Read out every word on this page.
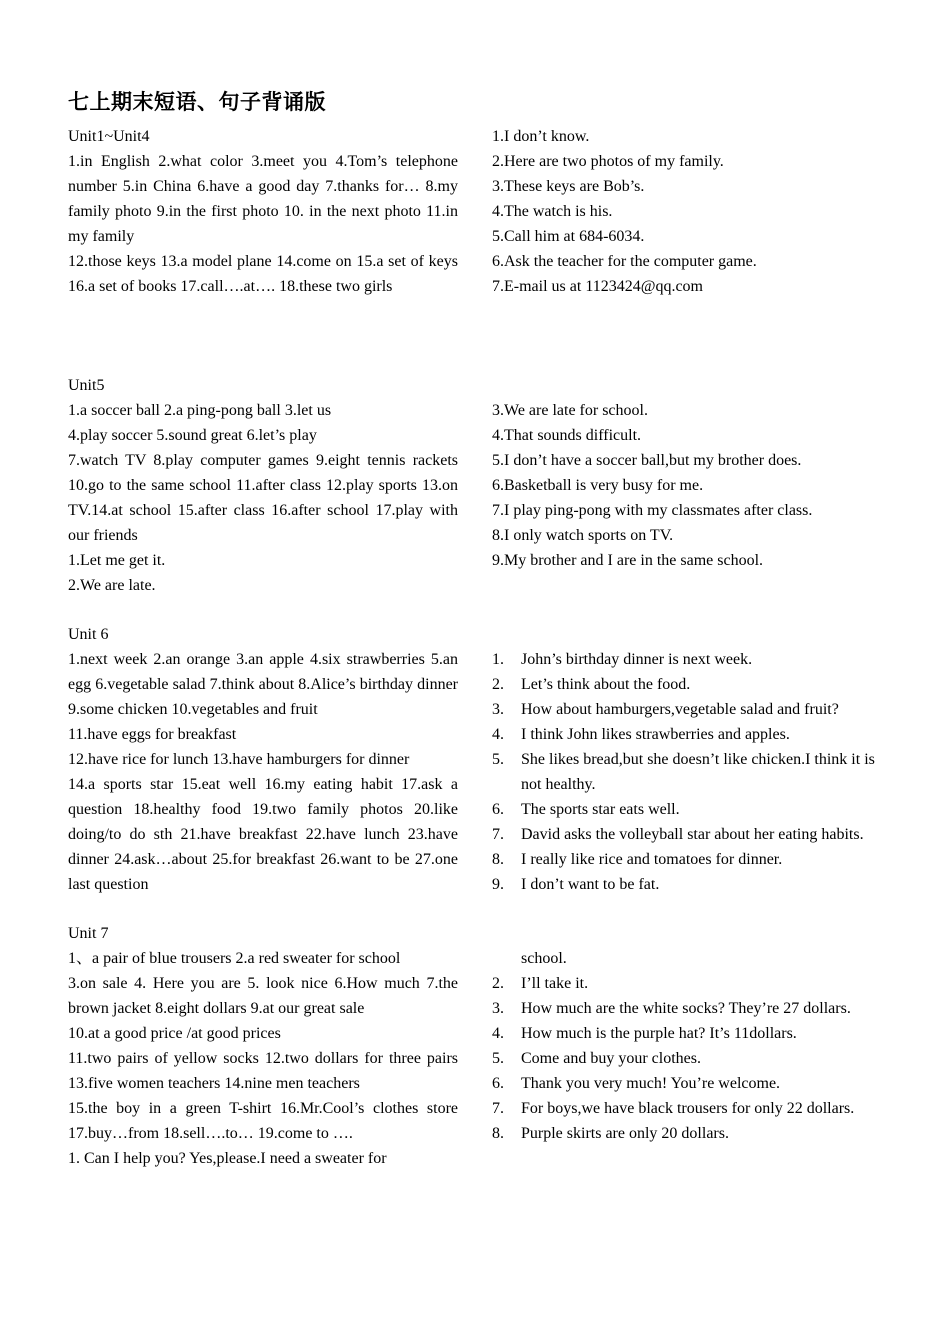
七上期末短语、句子背诵版

Unit1~Unit4

1.in English 2.what color 3.meet you 4.Tom’s telephone number 5.in China 6.have a good day 7.thanks for… 8.my family photo 9.in the first photo 10. in the next photo 11.in my family

12.those keys 13.a model plane 14.come on 15.a set of keys 16.a set of books 17.call….at…. 18.these two girls

Unit5

1.a soccer ball 2.a ping-pong ball 3.let us

4.play soccer 5.sound great 6.let’s play

7.watch TV 8.play computer games 9.eight tennis rackets 10.go to the same school 11.after class 12.play sports 13.on TV.14.at school 15.after class 16.after school 17.play with our friends

1.Let me get it.

2.We are late.

Unit 6

1.next week 2.an orange 3.an apple 4.six strawberries 5.an egg 6.vegetable salad 7.think about 8.Alice’s birthday dinner 9.some chicken 10.vegetables and fruit

11.have eggs for breakfast

12.have rice for lunch 13.have hamburgers for dinner

14.a sports star 15.eat well 16.my eating habit 17.ask a question 18.healthy food 19.two family photos 20.like doing/to do sth 21.have breakfast 22.have lunch 23.have dinner 24.ask…about 25.for breakfast 26.want to be 27.one last question

Unit 7

1、a pair of blue trousers 2.a red sweater for school

3.on sale 4. Here you are 5. look nice 6.How much 7.the brown jacket 8.eight dollars 9.at our great sale

10.at a good price /at good prices

11.two pairs of yellow socks 12.two dollars for three pairs 13.five women teachers 14.nine men teachers

15.the boy in a green T-shirt 16.Mr.Cool’s clothes store 17.buy…from 18.sell….to… 19.come to ….

1. Can I help you? Yes,please.I need a sweater for

1.I don’t know.

2.Here are two photos of my family.

3.These keys are Bob’s.

4.The watch is his.

5.Call him at 684-6034.

6.Ask the teacher for the computer game.

7.E-mail us at 1123424@qq.com

3.We are late for school.

4.That sounds difficult.

5.I don’t have a soccer ball,but my brother does.

6.Basketball is very busy for me.

7.I play ping-pong with my classmates after class.

8.I only watch sports on TV.

9.My brother and I are in the same school.

1. John’s birthday dinner is next week.
2. Let’s think about the food.
3. How about hamburgers,vegetable salad and fruit?
4. I think John likes strawberries and apples.
5. She likes bread,but she doesn’t like chicken.I think it is not healthy.
6. The sports star eats well.
7. David asks the volleyball star about her eating habits.
8. I really like rice and tomatoes for dinner.
9. I don’t want to be fat.
school.
2. I’ll take it.
3. How much are the white socks? They’re 27 dollars.
4. How much is the purple hat? It’s 11dollars.
5. Come and buy your clothes.
6. Thank you very much! You’re welcome.
7. For boys,we have black trousers for only 22 dollars.
8. Purple skirts are only 20 dollars.
